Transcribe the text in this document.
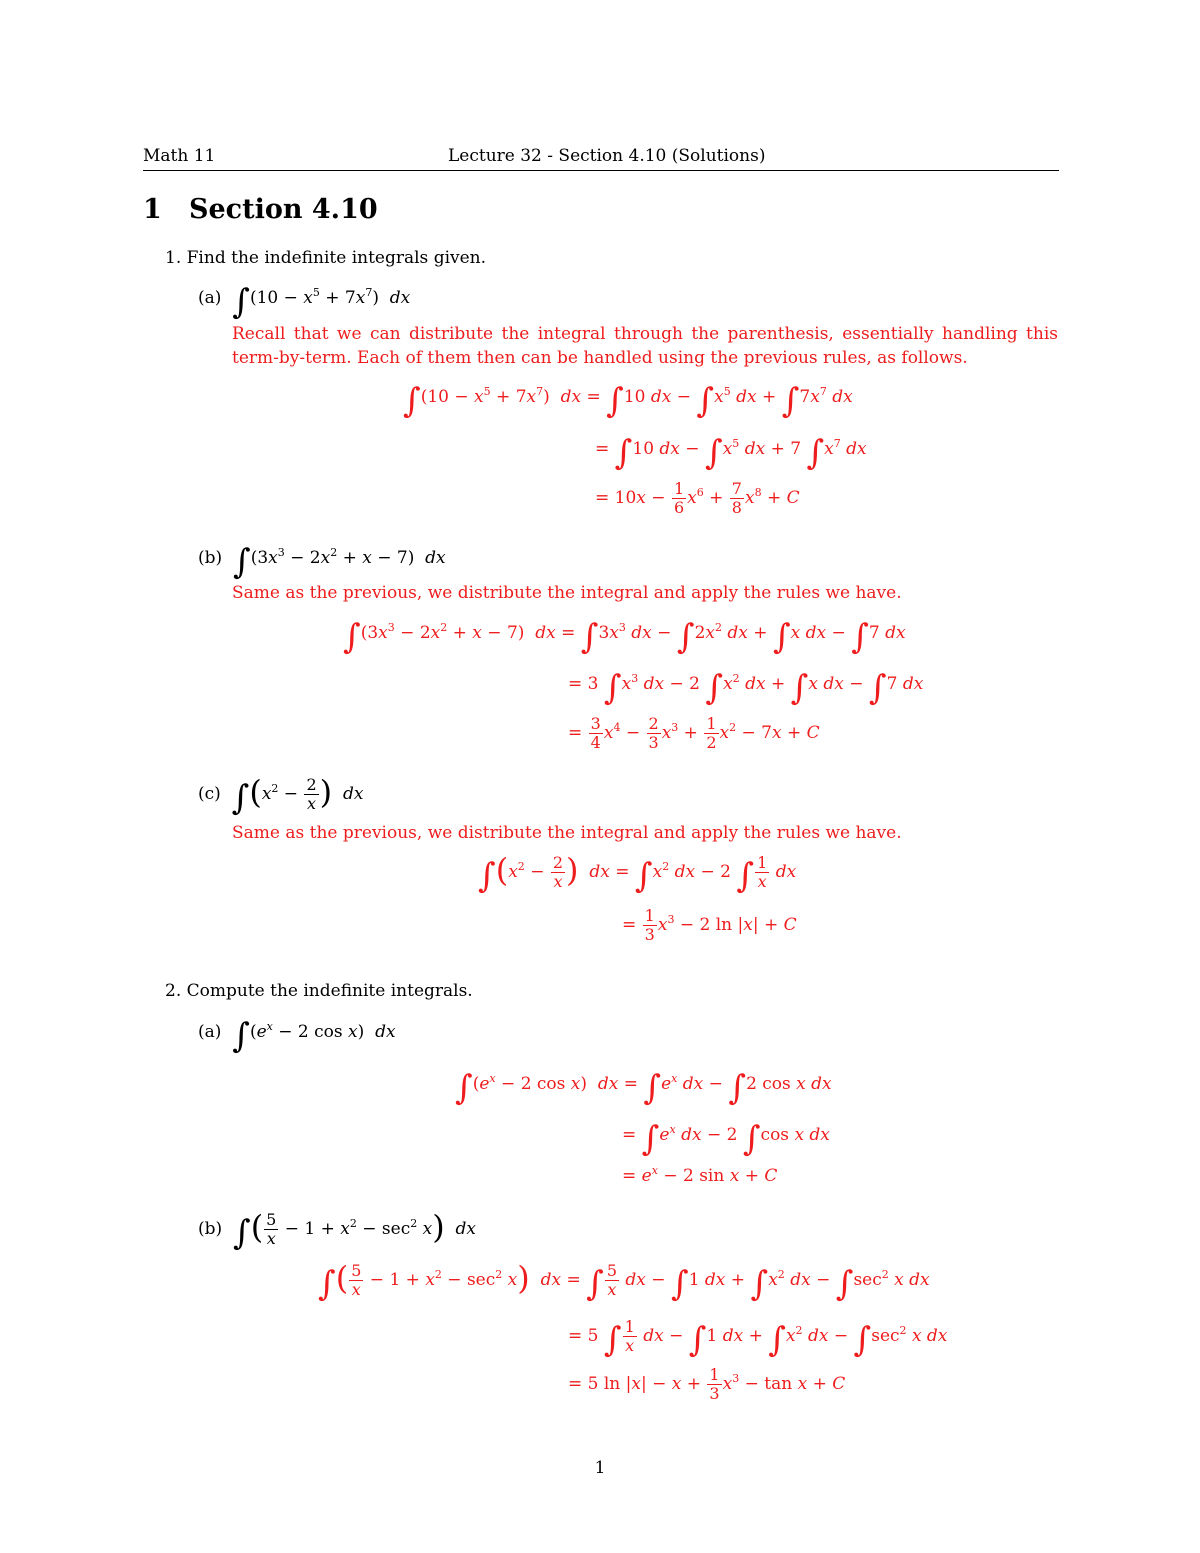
Math 11	Lecture 32 - Section 4.10 (Solutions)
1 Section 4.10
1. Find the indefinite integrals given.
(a) $\int(10 - x^5 + 7x^7)$  dx
Recall that we can distribute the integral through the parenthesis, essentially handling this term-by-term. Each of them then can be handled using the previous rules, as follows.
$\int(10 - x^5 + 7x^7)$  dx = ∫10 dx − $\int x^5$ dx + $\int 7x^7$ dx
= ∫10 dx − $\int x^5$ dx + 7 $\int x^7$ dx
= $10x - \frac{1}{6} x^6 + \frac{7}{8} x^8 + C$
(b) $\int(3x^3 - 2x^2 + x - 7)$  dx
Same as the previous, we distribute the integral and apply the rules we have.
$\int(3x^3 - 2x^2 + x - 7)$  dx = $\int 3x^3$ dx − $\int 2x^2$ dx + ∫x dx − ∫7 dx
= 3 $\int x^3$ dx − 2 $\int x^2$ dx + ∫x dx − ∫7 dx
= $\frac{3}{4} x^4 - \frac{2}{3} x^3 + \frac{1}{2} x^2 - 7x + C$
(c) $\int(x^2 - \frac{2}{x}$ ) dx
Same as the previous, we distribute the integral and apply the rules we have.
$\int(x^2 - \frac{2}{x}$ ) dx = $\int x^2$ dx − 2 ∫ $\frac{1}{x}$ dx
= $\frac{1}{3} x^3 - 2$ ln |x| + C
2. Compute the indefinite integrals.
(a) $\int(e^x - 2$ cos x)  dx
$\int(e^x - 2$ cos x)  dx = $\int e^x$ dx − ∫2 cos x dx
= $\int e^x$ dx − 2 ∫cos x dx
= $e^x - 2$ sin x + C
(b) ∫( $\frac{5}{x} - 1 + x^2 - \sec^2 x$) dx
∫( $\frac{5}{x} - 1 + x^2 - \sec^2 x$) dx = ∫ $\frac{5}{x}$ dx − ∫1 dx + $\int x^2$ dx − $\int\sec^2$ x dx
= 5 ∫ $\frac{1}{x}$ dx − ∫1 dx + $\int x^2$ dx − $\int\sec^2$ x dx
= 5 $\ln |x| - x + \frac{1}{3} x^3 - \tan x + C$
1
